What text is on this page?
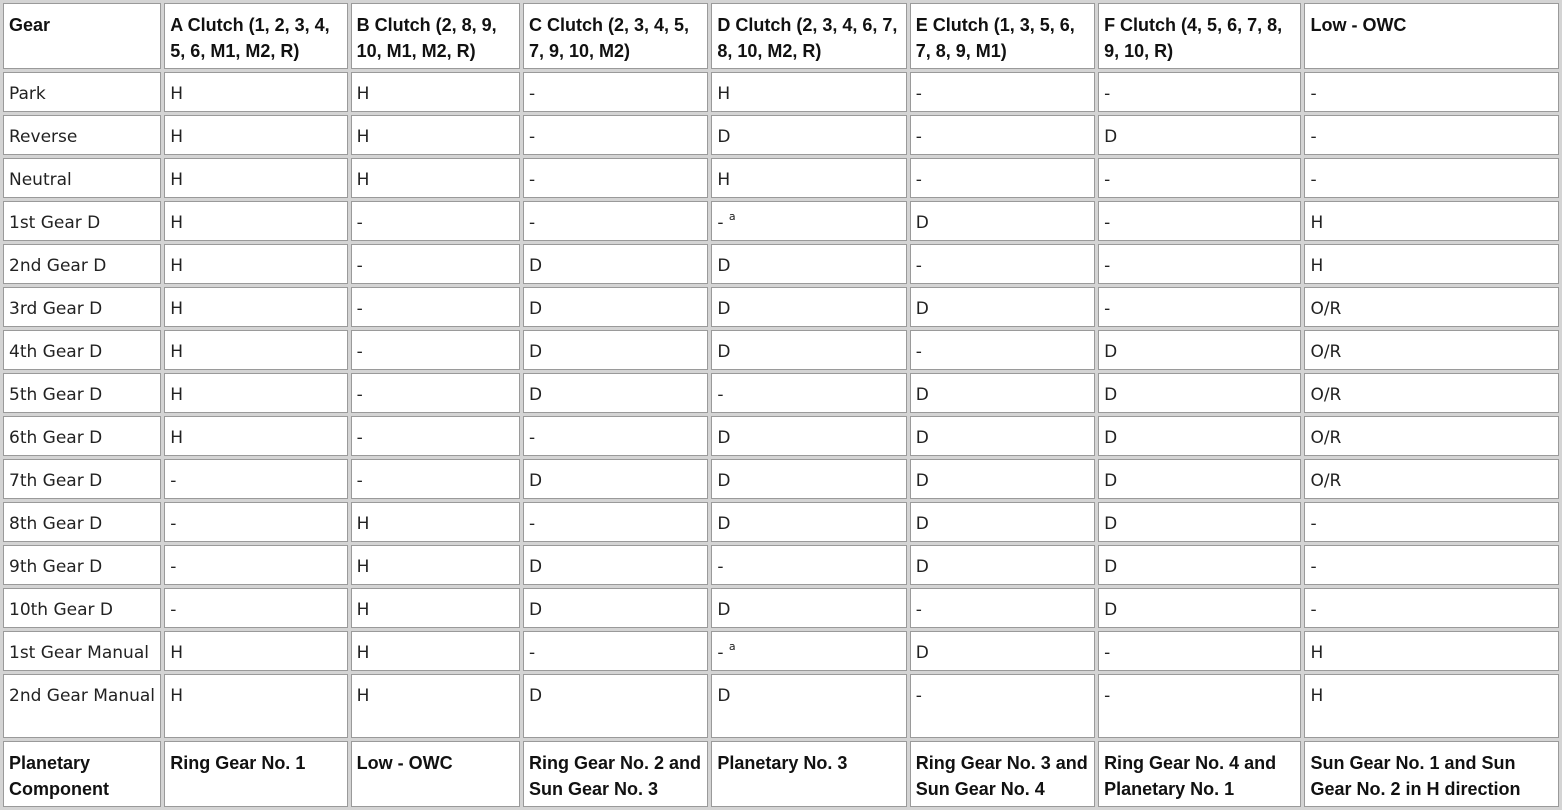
Gear	A Clutch (1, 2, 3, 4, 5, 6, M1, M2, R)	B Clutch (2, 8, 9, 10, M1, M2, R)	C Clutch (2, 3, 4, 5, 7, 9, 10, M2)	D Clutch (2, 3, 4, 6, 7, 8, 10, M2, R)	E Clutch (1, 3, 5, 6, 7, 8, 9, M1)	F Clutch (4, 5, 6, 7, 8, 9, 10, R)	Low - OWC
Park	H	H	-	H	-	-	-
Reverse	H	H	-	D	-	D	-
Neutral	H	H	-	H	-	-	-
1st Gear D	H	-	-	- $^a$	D	-	H
2nd Gear D	H	-	D	D	-	-	H
3rd Gear D	H	-	D	D	D	-	O/R
4th Gear D	H	-	D	D	-	D	O/R
5th Gear D	H	-	D	-	D	D	O/R
6th Gear D	H	-	-	D	D	D	O/R
7th Gear D	-	-	D	D	D	D	O/R
8th Gear D	-	H	-	D	D	D	-
9th Gear D	-	H	D	-	D	D	-
10th Gear D	-	H	D	D	-	D	-
1st Gear Manual	H	H	-	- $^a$	D	-	H
2nd Gear Manual	H	H	D	D	-	-	H
Planetary Component	Ring Gear No. 1	Low - OWC	Ring Gear No. 2 and Sun Gear No. 3	Planetary No. 3	Ring Gear No. 3 and Sun Gear No. 4	Ring Gear No. 4 and Planetary No. 1	Sun Gear No. 1 and Sun Gear No. 2 in H direction
